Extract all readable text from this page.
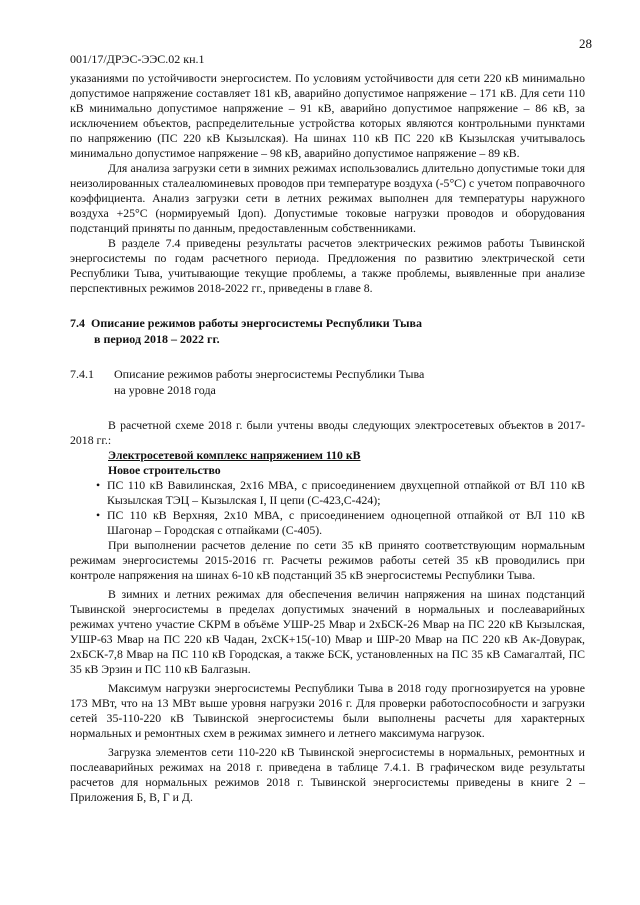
28
001/17/ДРЭС-ЭЭС.02 кн.1

указаниями по устойчивости энергосистем. По условиям устойчивости для сети 220 кВ минимально допустимое напряжение составляет 181 кВ, аварийно допустимое напряжение – 171 кВ. Для сети 110 кВ минимально допустимое напряжение – 91 кВ, аварийно допустимое напряжение – 86 кВ, за исключением объектов, распределительные устройства которых являются контрольными пунктами по напряжению (ПС 220 кВ Кызылская). На шинах 110 кВ ПС 220 кВ Кызылская учитывалось минимально допустимое напряжение – 98 кВ, аварийно допустимое напряжение – 89 кВ.

Для анализа загрузки сети в зимних режимах использовались длительно допустимые токи для неизолированных сталеалюминевых проводов при температуре воздуха (-5°С) с учетом поправочного коэффициента. Анализ загрузки сети в летних режимах выполнен для температуры наружного воздуха +25°С (нормируемый Iдоп). Допустимые токовые нагрузки проводов и оборудования подстанций приняты по данным, предоставленным собственниками.

В разделе 7.4 приведены результаты расчетов электрических режимов работы Тывинской энергосистемы по годам расчетного периода. Предложения по развитию электрической сети Республики Тыва, учитывающие текущие проблемы, а также проблемы, выявленные при анализе перспективных режимов 2018-2022 гг., приведены в главе 8.

7.4 Описание режимов работы энергосистемы Республики Тыва
в период 2018 – 2022 гг.

7.4.1 Описание режимов работы энергосистемы Республики Тыва
на уровне 2018 года

В расчетной схеме 2018 г. были учтены вводы следующих электросетевых объектов в 2017-2018 гг.:

Электросетевой комплекс напряжением 110 кВ

Новое строительство

• ПС 110 кВ Вавилинская, 2х16 МВА, с присоединением двухцепной отпайкой от ВЛ 110 кВ Кызылская ТЭЦ – Кызылская I, II цепи (С-423,С-424);

• ПС 110 кВ Верхняя, 2х10 МВА, с присоединением одноцепной отпайкой от ВЛ 110 кВ Шагонар – Городская с отпайками (С-405).

При выполнении расчетов деление по сети 35 кВ принято соответствующим нормальным режимам энергосистемы 2015-2016 гг. Расчеты режимов работы сетей 35 кВ проводились при контроле напряжения на шинах 6-10 кВ подстанций 35 кВ энергосистемы Республики Тыва.

В зимних и летних режимах для обеспечения величин напряжения на шинах подстанций Тывинской энергосистемы в пределах допустимых значений в нормальных и послеаварийных режимах учтено участие СКРМ в объёме УШР-25 Мвар и 2хБСК-26 Мвар на ПС 220 кВ Кызылская, УШР-63 Мвар на ПС 220 кВ Чадан, 2хСК+15(-10) Мвар и ШР-20 Мвар на ПС 220 кВ Ак-Довурак, 2хБСК-7,8 Мвар на ПС 110 кВ Городская, а также БСК, установленных на ПС 35 кВ Самагалтай, ПС 35 кВ Эрзин и ПС 110 кВ Балгазын.

Максимум нагрузки энергосистемы Республики Тыва в 2018 году прогнозируется на уровне 173 МВт, что на 13 МВт выше уровня нагрузки 2016 г. Для проверки работоспособности и загрузки сетей 35-110-220 кВ Тывинской энергосистемы были выполнены расчеты для характерных нормальных и ремонтных схем в режимах зимнего и летнего максимума нагрузок.

Загрузка элементов сети 110-220 кВ Тывинской энергосистемы в нормальных, ремонтных и послеаварийных режимах на 2018 г. приведена в таблице 7.4.1. В графическом виде результаты расчетов для нормальных режимов 2018 г. Тывинской энергосистемы приведены в книге 2 – Приложения Б, В, Г и Д.
